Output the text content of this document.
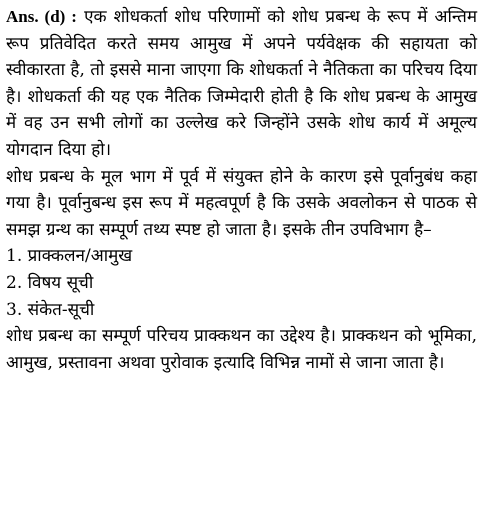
Ans. (d) : एक शोधकर्ता शोध परिणामों को शोध प्रबन्ध के रूप में अन्तिम रूप प्रतिवेदित करते समय आमुख में अपने पर्यवेक्षक की सहायता को स्वीकारता है, तो इससे माना जाएगा कि शोधकर्ता ने नैतिकता का परिचय दिया है। शोधकर्ता की यह एक नैतिक जिम्मेदारी होती है कि शोध प्रबन्ध के आमुख में वह उन सभी लोगों का उल्लेख करे जिन्होंने उसके शोध कार्य में अमूल्य योगदान दिया हो।

शोध प्रबन्ध के मूल भाग में पूर्व में संयुक्त होने के कारण इसे पूर्वानुबंध कहा गया है। पूर्वानुबन्ध इस रूप में महत्वपूर्ण है कि उसके अवलोकन से पाठक से समझ ग्रन्थ का सम्पूर्ण तथ्य स्पष्ट हो जाता है। इसके तीन उपविभाग है–

1. प्राक्कलन/आमुख

2. विषय सूची

3. संकेत-सूची

शोध प्रबन्ध का सम्पूर्ण परिचय प्राक्कथन का उद्देश्य है। प्राक्कथन को भूमिका, आमुख, प्रस्तावना अथवा पुरोवाक इत्यादि विभिन्न नामों से जाना जाता है।
